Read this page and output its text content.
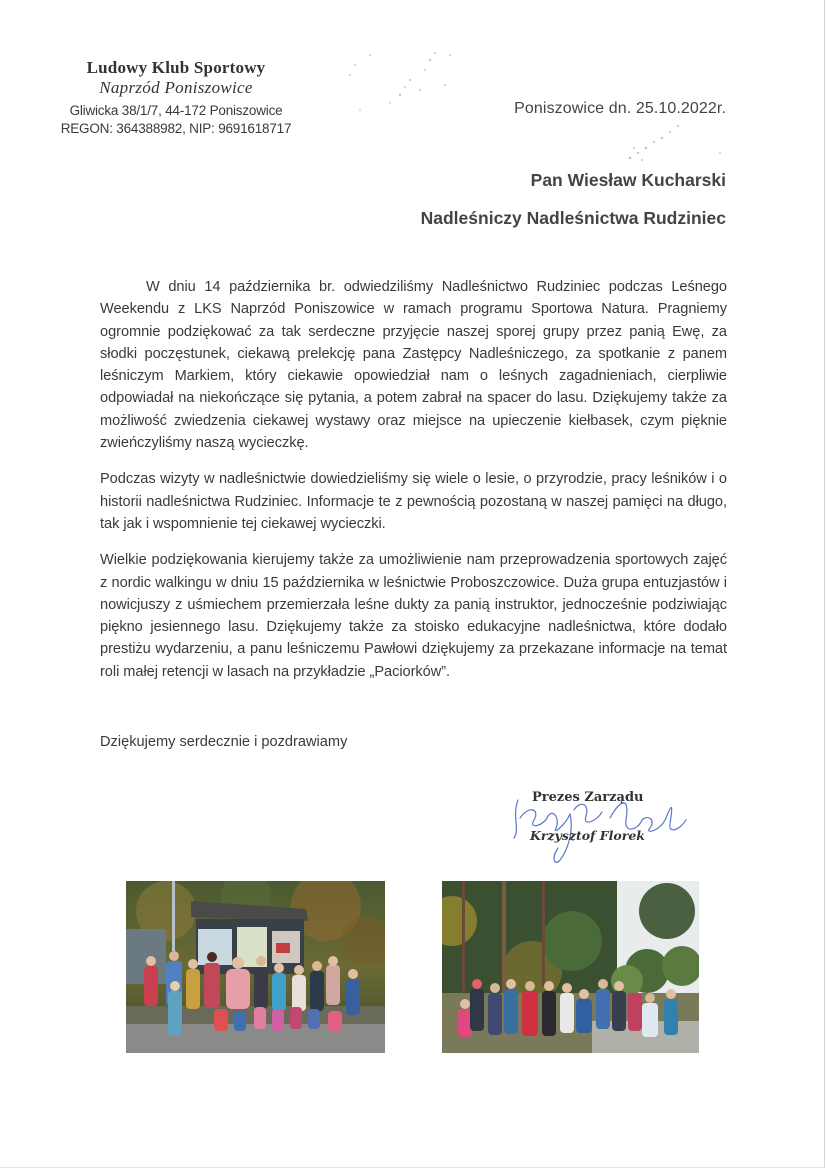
Ludowy Klub Sportowy
Naprzód Poniszowice
Gliwicka 38/1/7, 44-172 Poniszowice
REGON: 364388982, NIP: 9691618717
Poniszowice dn. 25.10.2022r.
Pan Wiesław Kucharski
Nadleśniczy Nadleśnictwa Rudziniec

W dniu 14 października br. odwiedziliśmy Nadleśnictwo Rudziniec podczas Leśnego Weekendu z LKS Naprzód Poniszowice w ramach programu Sportowa Natura. Pragniemy ogromnie podziękować za tak serdeczne przyjęcie naszej sporej grupy przez panią Ewę, za słodki poczęstunek, ciekawą prelekcję pana Zastępcy Nadleśniczego, za spotkanie z panem leśniczym Markiem, który ciekawie opowiedział nam o leśnych zagadnieniach, cierpliwie odpowiadał na niekończące się pytania, a potem zabrał na spacer do lasu. Dziękujemy także za możliwość zwiedzenia ciekawej wystawy oraz miejsce na upieczenie kiełbasek, czym pięknie zwieńczyliśmy naszą wycieczkę.

Podczas wizyty w nadleśnictwie dowiedzieliśmy się wiele o lesie, o przyrodzie, pracy leśników i o historii nadleśnictwa Rudziniec. Informacje te z pewnością pozostaną w naszej pamięci na długo, tak jak i wspomnienie tej ciekawej wycieczki.

Wielkie podziękowania kierujemy także za umożliwienie nam przeprowadzenia sportowych zajęć z nordic walkingu w dniu 15 października w leśnictwie Proboszczowice. Duża grupa entuzjastów i nowicjuszy z uśmiechem przemierzała leśne dukty za panią instruktor, jednocześnie podziwiając piękno jesiennego lasu. Dziękujemy także za stoisko edukacyjne nadleśnictwa, które dodało prestiżu wydarzeniu, a panu leśniczemu Pawłowi dziękujemy za przekazane informacje na temat roli małej retencji w lasach na przykładzie „Paciorków”.

Dziękujemy serdecznie i pozdrawiamy
Prezes Zarządu
Krzysztof Florek
